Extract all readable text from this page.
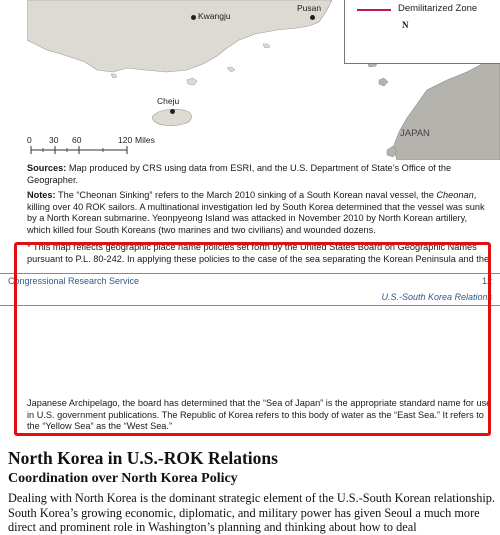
Kwangju
Pusan
Cheju
JAPAN
0 30 60	120 Miles
Demilitarized Zone
N
Sources: Map produced by CRS using data from ESRI, and the U.S. Department of State’s Office of the Geographer.
Notes: The “Cheonan Sinking” refers to the March 2010 sinking of a South Korean naval vessel, the Cheonan, killing over 40 ROK sailors. A multinational investigation led by South Korea determined that the vessel was sunk by a North Korean submarine. Yeonpyeong Island was attacked in November 2010 by North Korean artillery, which killed four South Koreans (two marines and two civilians) and wounded dozens.
* This map reflects geographic place name policies set forth by the United States Board on Geographic Names pursuant to P.L. 80-242. In applying these policies to the case of the sea separating the Korean Peninsula and the
Congressional Research Service	12
U.S.-South Korea Relations
Japanese Archipelago, the board has determined that the “Sea of Japan” is the appropriate standard name for use in U.S. government publications. The Republic of Korea refers to this body of water as the “East Sea.” It refers to the “Yellow Sea” as the “West Sea.”
North Korea in U.S.-ROK Relations
Coordination over North Korea Policy
Dealing with North Korea is the dominant strategic element of the U.S.-South Korean relationship. South Korea’s growing economic, diplomatic, and military power has given Seoul a much more direct and prominent role in Washington’s planning and thinking about how to deal
